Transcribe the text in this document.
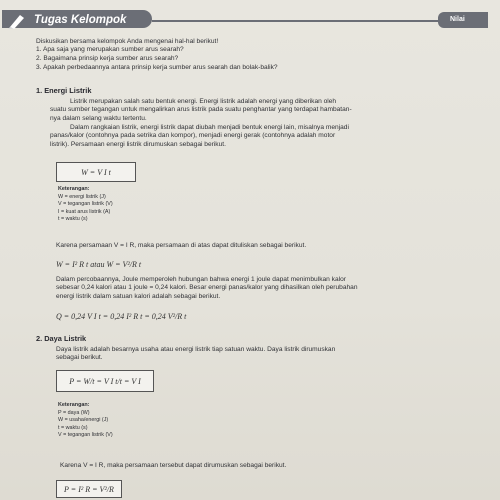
Tugas Kelompok	Nilai
Diskusikan bersama kelompok Anda mengenai hal-hal berikut!
1. Apa saja yang merupakan sumber arus searah?
2. Bagaimana prinsip kerja sumber arus searah?
3. Apakah perbedaannya antara prinsip kerja sumber arus searah dan bolak-balik?
1. Energi Listrik
Listrik merupakan salah satu bentuk energi. Energi listrik adalah energi yang diberikan oleh
suatu sumber tegangan untuk mengalirkan arus listrik pada suatu penghantar yang terdapat hambatan-
nya dalam selang waktu tertentu.
Dalam rangkaian listrik, energi listrik dapat diubah menjadi bentuk energi lain, misalnya menjadi
panas/kalor (contohnya pada setrika dan kompor), menjadi energi gerak (contohnya adalah motor
listrik). Persamaan energi listrik dirumuskan sebagai berikut.
W = V I t
Keterangan:
W = energi listrik (J)
V = tegangan listrik (V)
I = kuat arus listrik (A)
t = waktu (s)
Karena persamaan V = I R, maka persamaan di atas dapat dituliskan sebagai berikut.
W = I² R t atau W = V²/R t
Dalam percobaannya, Joule memperoleh hubungan bahwa energi 1 joule dapat menimbulkan kalor
sebesar 0,24 kalori atau 1 joule = 0,24 kalori. Besar energi panas/kalor yang dihasilkan oleh perubahan
energi listrik dalam satuan kalori adalah sebagai berikut.
Q = 0,24 V I t = 0,24 I² R t = 0,24 V²/R t
2. Daya Listrik
Daya listrik adalah besarnya usaha atau energi listrik tiap satuan waktu. Daya listrik dirumuskan
sebagai berikut.
P = W/t = V I t/t = V I
Keterangan:
P = daya (W)
W = usaha/energi (J)
t = waktu (s)
V = tegangan listrik (V)
Karena V = I R, maka persamaan tersebut dapat dirumuskan sebagai berikut.
P = I² R = V²/R
